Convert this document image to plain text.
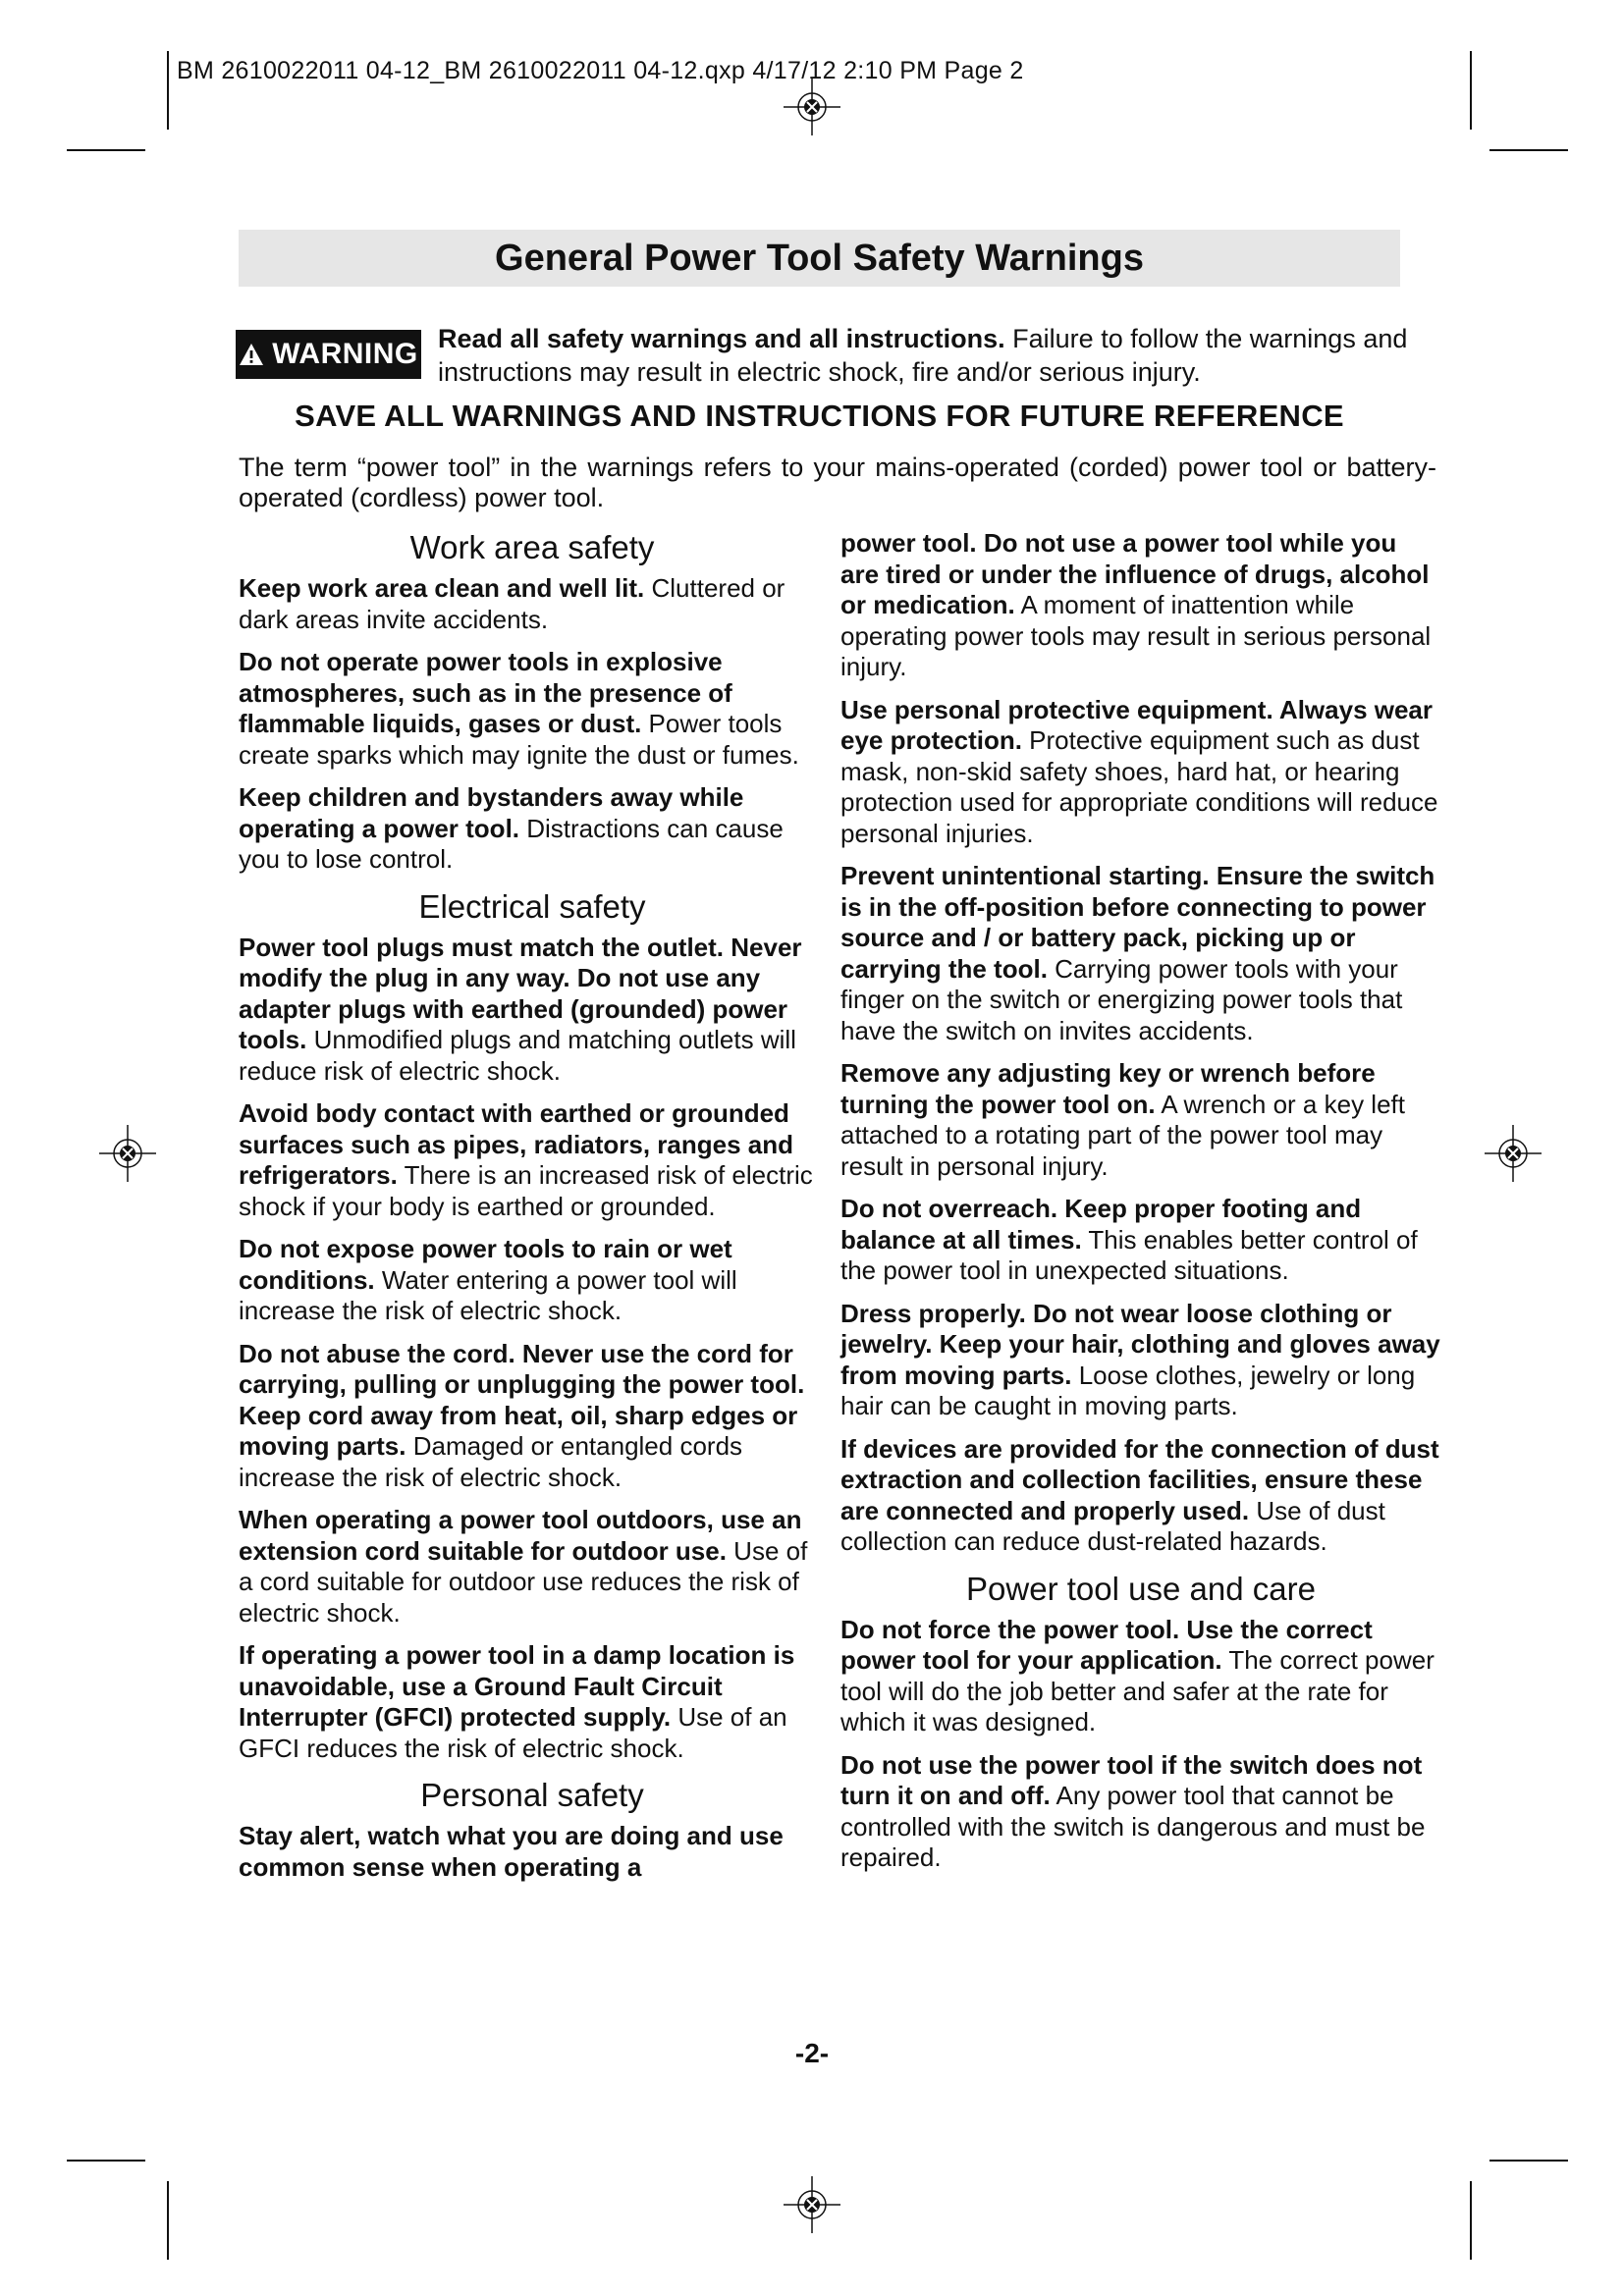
BM 2610022011 04-12_BM 2610022011 04-12.qxp 4/17/12 2:10 PM Page 2
General Power Tool Safety Warnings
WARNING Read all safety warnings and all instructions. Failure to follow the warnings and instructions may result in electric shock, fire and/or serious injury.
SAVE ALL WARNINGS AND INSTRUCTIONS FOR FUTURE REFERENCE
The term “power tool” in the warnings refers to your mains-operated (corded) power tool or battery-operated (cordless) power tool.
Work area safety

Keep work area clean and well lit. Cluttered or dark areas invite accidents.

Do not operate power tools in explosive atmospheres, such as in the presence of flammable liquids, gases or dust. Power tools create sparks which may ignite the dust or fumes.

Keep children and bystanders away while operating a power tool. Distractions can cause you to lose control.

Electrical safety

Power tool plugs must match the outlet. Never modify the plug in any way. Do not use any adapter plugs with earthed (grounded) power tools. Unmodified plugs and matching outlets will reduce risk of electric shock.

Avoid body contact with earthed or grounded surfaces such as pipes, radiators, ranges and refrigerators. There is an increased risk of electric shock if your body is earthed or grounded.

Do not expose power tools to rain or wet conditions. Water entering a power tool will increase the risk of electric shock.

Do not abuse the cord. Never use the cord for carrying, pulling or unplugging the power tool. Keep cord away from heat, oil, sharp edges or moving parts. Damaged or entangled cords increase the risk of electric shock.

When operating a power tool outdoors, use an extension cord suitable for outdoor use. Use of a cord suitable for outdoor use reduces the risk of electric shock.

If operating a power tool in a damp location is unavoidable, use a Ground Fault Circuit Interrupter (GFCI) protected supply. Use of an GFCI reduces the risk of electric shock.

Personal safety

Stay alert, watch what you are doing and use common sense when operating a

power tool. Do not use a power tool while you are tired or under the influence of drugs, alcohol or medication. A moment of inattention while operating power tools may result in serious personal injury.

Use personal protective equipment. Always wear eye protection. Protective equipment such as dust mask, non-skid safety shoes, hard hat, or hearing protection used for appropriate conditions will reduce personal injuries.

Prevent unintentional starting. Ensure the switch is in the off-position before connecting to power source and / or battery pack, picking up or carrying the tool. Carrying power tools with your finger on the switch or energizing power tools that have the switch on invites accidents.

Remove any adjusting key or wrench before turning the power tool on. A wrench or a key left attached to a rotating part of the power tool may result in personal injury.

Do not overreach. Keep proper footing and balance at all times. This enables better control of the power tool in unexpected situations.

Dress properly. Do not wear loose clothing or jewelry. Keep your hair, clothing and gloves away from moving parts. Loose clothes, jewelry or long hair can be caught in moving parts.

If devices are provided for the connection of dust extraction and collection facilities, ensure these are connected and properly used. Use of dust collection can reduce dust-related hazards.

Power tool use and care

Do not force the power tool. Use the correct power tool for your application. The correct power tool will do the job better and safer at the rate for which it was designed.

Do not use the power tool if the switch does not turn it on and off. Any power tool that cannot be controlled with the switch is dangerous and must be repaired.

-2-
